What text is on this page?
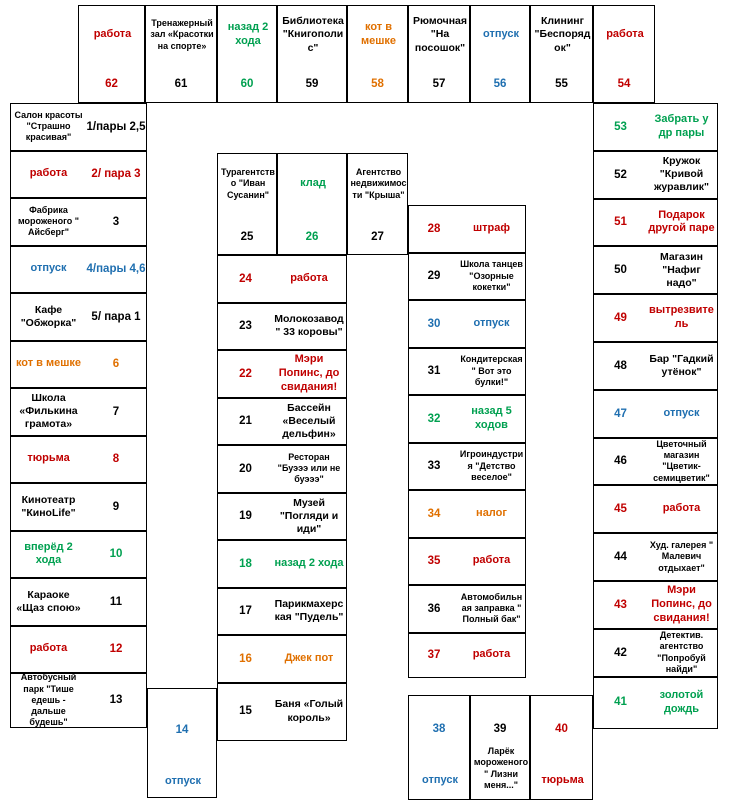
Салон красоты "Страшно красивая"
1/пары 2,5
работа	2/ пара 3
Фабрика мороженого " Айсберг"
3
отпуск	4/пары 4,6
Кафе "Обжорка"
5/ пара 1
кот в мешке	6
Школа «Филькина грамота»
7
тюрьма	8
Кинотеатр "КиноLife"
9
вперёд 2 хода
10
Караоке «Щаз спою»
11
работа	12
Автобусный парк "Тише едешь - дальше будешь"
13
отпуск
14
Баня «Голый король»
15
Джек пот
16
Парикмахерская "Пудель"
17
назад 2 хода
18
Музей "Погляди и иди"
19
Ресторан "Буэээ или не буэээ"
20
Бассейн «Веселый дельфин»
21
Мэри Попинс, до свидания!
22
Молокозавод " 33 коровы"
23
работа
24
Турагентство "Иван Сусанин"
25
клад
26
Агентство недвижимости "Крыша"
27
штраф
28
Школа танцев "Озорные кокетки"
29
отпуск
30
Кондитерская " Вот это булки!"
31
назад 5 ходов
32
Игроиндустрия "Детство веселое"
33
налог
34
работа
35
Автомобильная заправка " Полный бак"
36
работа
37
отпуск
38
Ларёк мороженого " Лизни меня..."
39
тюрьма
40
золотой дождь
41
Детектив. агентство "Попробуй найди"
42
Мэри Попинс, до свидания!
43
Худ. галерея " Малевич отдыхает"
44
работа
45
Цветочный магазин "Цветик-семицветик"
46
отпуск
47
Бар "Гадкий утёнок"
48
вытрезвитель
49
Магазин "Нафиг надо"
50
Подарок другой паре
51
Кружок "Кривой журавлик"
52
Забрать у др пары
53
работа
54
Клининг "Беспорядок"
55
отпуск
56
Рюмочная "На посошок"
57
кот в мешке
58
Библиотека "Книгополис"
59
назад 2 хода
60
Тренажерный зал «Красотки на спорте»
61
работа
62
